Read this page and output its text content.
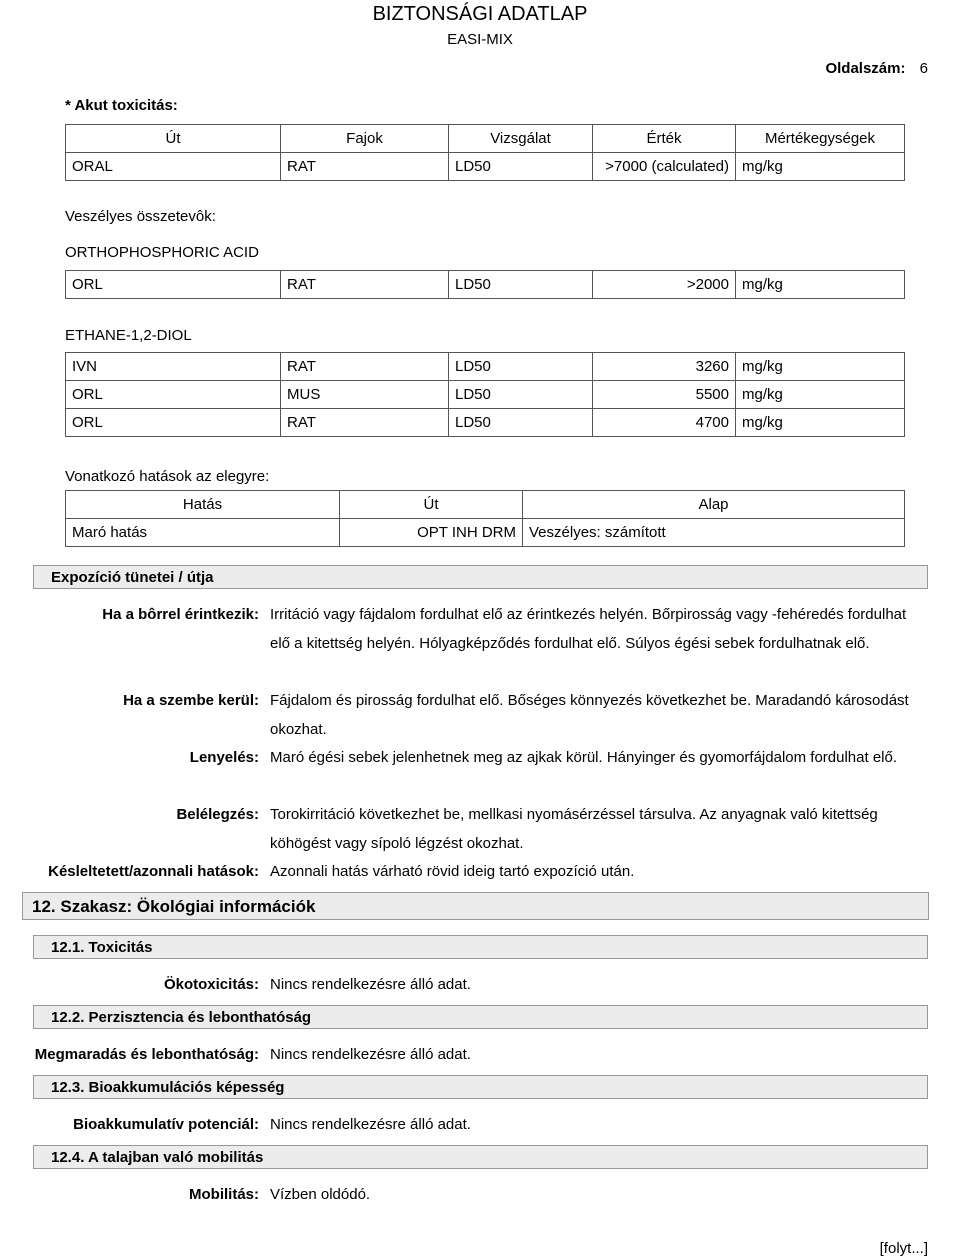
BIZTONSÁGI ADATLAP
EASI-MIX
Oldalszám: 6
* Akut toxicitás:
Út	Fajok	Vizsgálat	Érték	Mértékegységek
ORAL	RAT	LD50	>7000 (calculated)	mg/kg
Veszélyes összetevôk:
ORTHOPHOSPHORIC ACID
ORL	RAT	LD50	>2000	mg/kg
ETHANE-1,2-DIOL
IVN	RAT	LD50	3260	mg/kg
ORL	MUS	LD50	5500	mg/kg
ORL	RAT	LD50	4700	mg/kg
Vonatkozó hatások az elegyre:
Hatás	Út	Alap
Maró hatás	OPT INH DRM	Veszélyes: számított
Expozíció tünetei / útja
Ha a bôrrel érintkezik: Irritáció vagy fájdalom fordulhat elő az érintkezés helyén. Bőrpirosság vagy -fehéredés fordulhat elő a kitettség helyén. Hólyagképződés fordulhat elő. Súlyos égési sebek fordulhatnak elő.
Ha a szembe kerül: Fájdalom és pirosság fordulhat elő. Bőséges könnyezés következhet be. Maradandó károsodást okozhat.
Lenyelés: Maró égési sebek jelenhetnek meg az ajkak körül. Hányinger és gyomorfájdalom fordulhat elő.
Belélegzés: Torokirritáció következhet be, mellkasi nyomásérzéssel társulva. Az anyagnak való kitettség köhögést vagy sípoló légzést okozhat.
Késleltetett/azonnali hatások: Azonnali hatás várható rövid ideig tartó expozíció után.
12. Szakasz: Ökológiai információk
12.1. Toxicitás
Ökotoxicitás: Nincs rendelkezésre álló adat.
12.2. Perzisztencia és lebonthatóság
Megmaradás és lebonthatóság: Nincs rendelkezésre álló adat.
12.3. Bioakkumulációs képesség
Bioakkumulatív potenciál: Nincs rendelkezésre álló adat.
12.4. A talajban való mobilitás
Mobilitás: Vízben oldódó.
[folyt...]
